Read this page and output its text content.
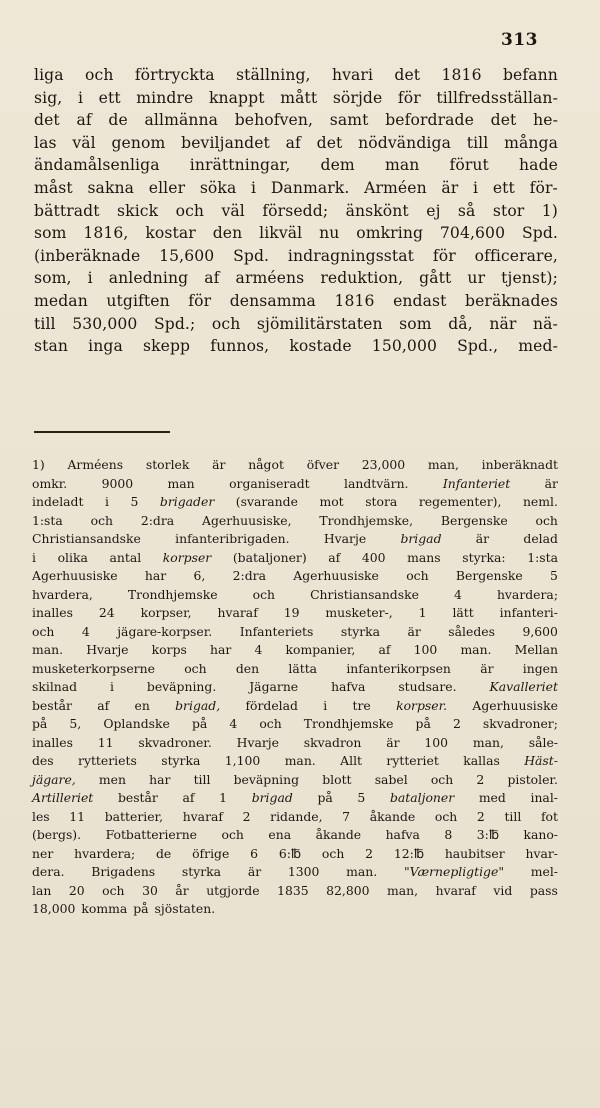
313
liga och förtryckta ställning, hvari det 1816 befann
sig, i ett mindre knappt mått sörjde för tillfredsställan-
det af de allmänna behofven, samt befordrade det he-
las väl genom beviljandet af det nödvändiga till många
ändamålsenliga inrättningar, dem man förut hade
måst sakna eller söka i Danmark. Arméen är i ett för-
bättradt skick och väl försedd; änskönt ej så stor 1)
som 1816, kostar den likväl nu omkring 704,600 Spd.
(inberäknade 15,600 Spd. indragningsstat för officerare,
som, i anledning af arméens reduktion, gått ur tjenst);
medan utgiften för densamma 1816 endast beräknades
till 530,000 Spd.; och sjömilitärstaten som då, när nä-
stan inga skepp funnos, kostade 150,000 Spd., med-
1) Arméens storlek är något öfver 23,000 man, inberäknadt
omkr.	9000	man	organiseradt	landtvärn.	Infanteriet	är
indeladt i 5 brigader (svarande mot stora regementer), neml.
1:sta och 2:dra Agerhuusiske, Trondhjemske, Bergenske och
Christiansandske	infanteribrigaden.	Hvarje	brigad	är	delad
i olika antal korpser (bataljoner) af 400 mans styrka: 1:sta
Agerhuusiske har 6, 2:dra Agerhuusiske och Bergenske 5
hvardera,	Trondhjemske	och	Christiansandske	4	hvardera;
inalles 24 korpser, hvaraf 19 musketer-, 1 lätt infanteri-
och 4 jägare-korpser. Infanteriets styrka är således 9,600
man. Hvarje korps har 4 kompanier, af 100 man. Mellan
musketerkorpserne och den lätta infanterikorpsen är ingen
skilnad	i	beväpning.	Jägarne	hafva	studsare.	Kavalleriet
består af en brigad, fördelad i tre korpser. Agerhuusiske
på 5, Oplandske på 4 och Trondhjemske på 2 skvadroner;
inalles 11 skvadroner. Hvarje skvadron är 100 man, såle-
des rytteriets styrka 1,100 man. Allt rytteriet kallas Häst-
jägare, men har till beväpning blott sabel och 2 pistoler.
Artilleriet består af 1 brigad på 5 bataljoner med inal-
les 11 batterier, hvaraf 2 ridande, 7 åkande och 2 till fot
(bergs). Fotbatterierne och ena åkande hafva 8 3:℔ kano-
ner hvardera; de öfrige 6 6:℔ och 2 12:℔ haubitser hvar-
dera. Brigadens styrka är 1300 man. "Værnepligtige" mel-
lan 20 och 30 år utgjorde 1835 82,800 man, hvaraf vid pass
18,000 komma på sjöstaten.
